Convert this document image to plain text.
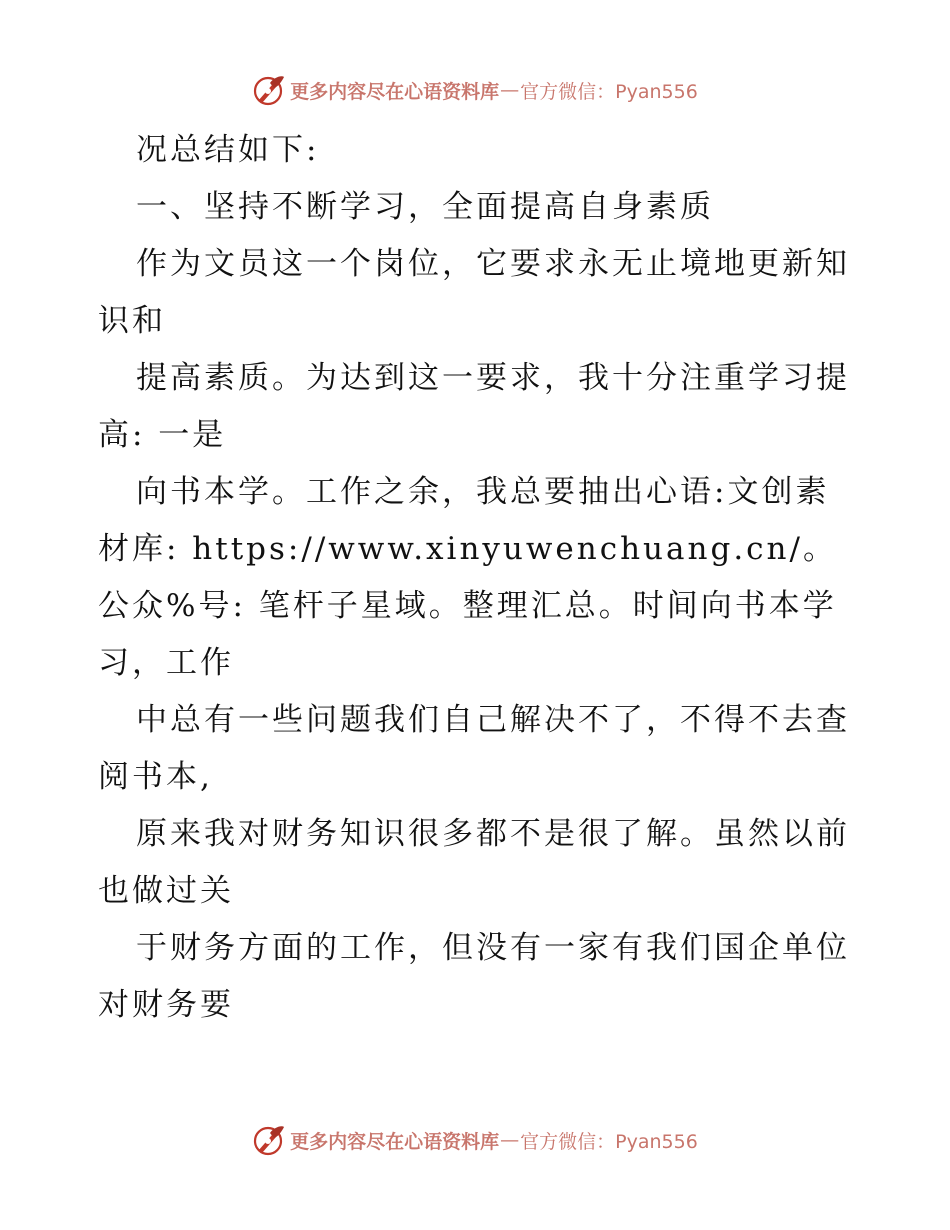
更多内容尽在心语资料库 — 官方微信：Pyan556

况总结如下:

一、坚持不断学习，全面提高自身素质

作为文员这一个岗位，它要求永无止境地更新知识和

提高素质。为达到这一要求，我十分注重学习提高: 一是

向书本学。工作之余，我总要抽出心语:文创素材库: https://www.xinyuwenchuang.cn/。公众%号: 笔杆子星域。整理汇总。时间向书本学习，工作

中总有一些问题我们自己解决不了，不得不去查阅书本,

原来我对财务知识很多都不是很了解。虽然以前也做过关

于财务方面的工作，但没有一家有我们国企单位对财务要

更多内容尽在心语资料库 — 官方微信：Pyan556
